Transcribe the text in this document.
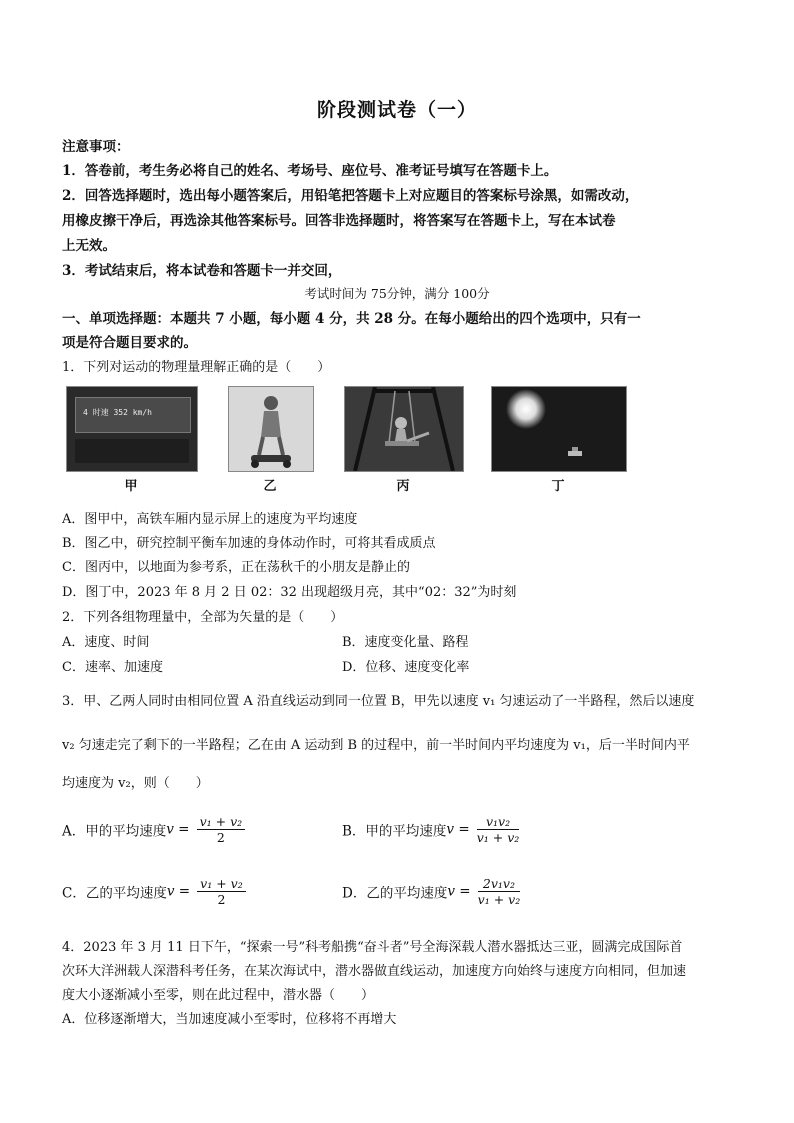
阶段测试卷（一）
注意事项：
1．答卷前，考生务必将自己的姓名、考场号、座位号、准考证号填写在答题卡上。
2．回答选择题时，选出每小题答案后，用铅笔把答题卡上对应题目的答案标号涂黑，如需改动，
用橡皮擦干净后，再选涂其他答案标号。回答非选择题时，将答案写在答题卡上，写在本试卷
上无效。
3．考试结束后，将本试卷和答题卡一并交回，
考试时间为 75分钟，满分 100分
一、单项选择题：本题共 7 小题，每小题 4 分，共 28 分。在每小题给出的四个选项中，只有一
项是符合题目要求的。
1．下列对运动的物理量理解正确的是（　　）
4 时速 352 km/h
甲	乙	丙	丁
A．图甲中，高铁车厢内显示屏上的速度为平均速度
B．图乙中，研究控制平衡车加速的身体动作时，可将其看成质点
C．图丙中，以地面为参考系，正在荡秋千的小朋友是静止的
D．图丁中，2023 年 8 月 2 日 02：32 出现超级月亮，其中“02：32”为时刻
2．下列各组物理量中，全部为矢量的是（　　）
A．速度、时间	B．速度变化量、路程
C．速率、加速度	D．位移、速度变化率
3．甲、乙两人同时由相同位置 A 沿直线运动到同一位置 B，甲先以速度 v₁ 匀速运动了一半路程，然后以速度
v₂ 匀速走完了剩下的一半路程；乙在由 A 运动到 B 的过程中，前一半时间内平均速度为 v₁，后一半时间内平
均速度为 v₂，则（　　）
A．甲的平均速度$v = \frac{\text{v₁ + v₂}}{2}$	B．甲的平均速度$v = \frac{\text{v₁v₂}}{\text{v₁ + v₂}}$
C．乙的平均速度$v = \frac{\text{v₁ + v₂}}{2}$	D．乙的平均速度$v = \frac{\text{2v₁v₂}}{\text{v₁ + v₂}}$
4．2023 年 3 月 11 日下午，“探索一号”科考船携“奋斗者”号全海深载人潜水器抵达三亚，圆满完成国际首
次环大洋洲载人深潜科考任务，在某次海试中，潜水器做直线运动，加速度方向始终与速度方向相同，但加速
度大小逐渐减小至零，则在此过程中，潜水器（　　）
A．位移逐渐增大，当加速度减小至零时，位移将不再增大
